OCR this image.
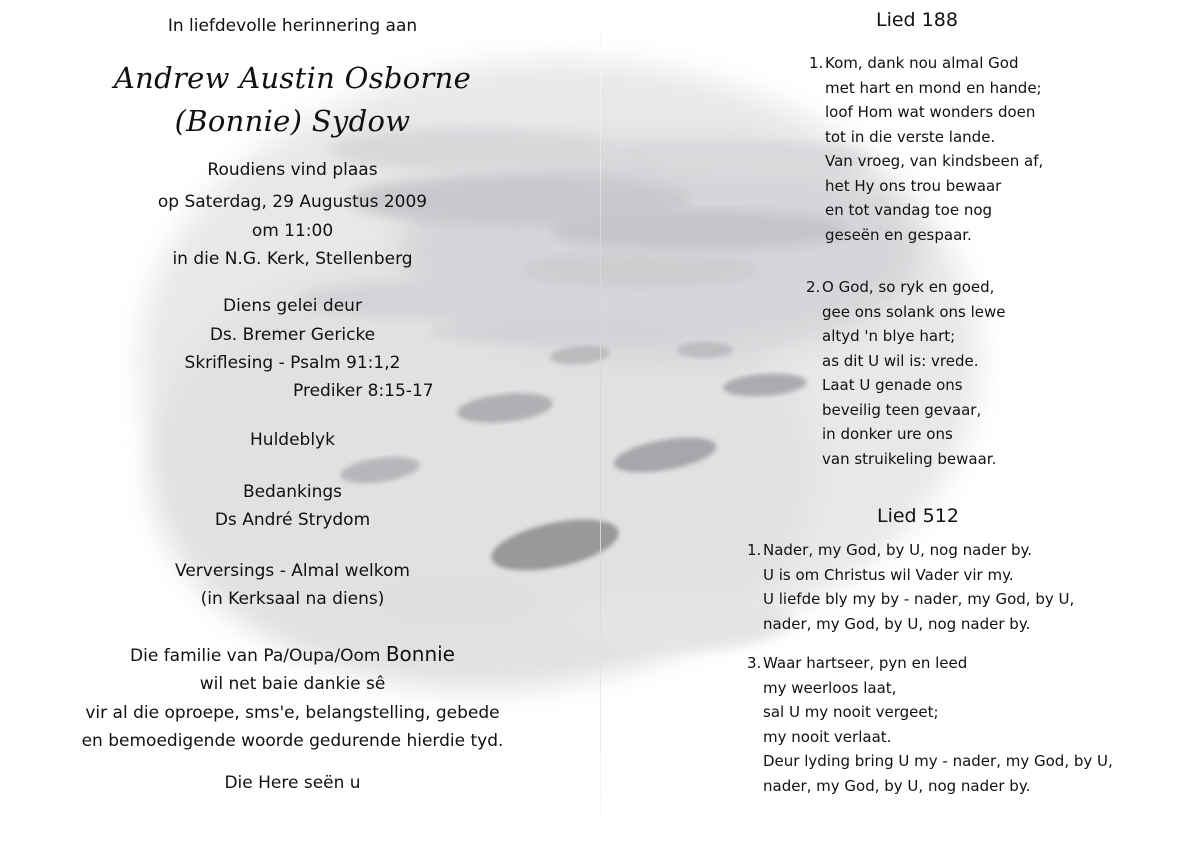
In liefdevolle herinnering aan
Andrew Austin Osborne
(Bonnie) Sydow
Roudiens vind plaas
op Saterdag, 29 Augustus 2009
om 11:00
in die N.G. Kerk, Stellenberg
Diens gelei deur
Ds. Bremer Gericke
Skriflesing - Psalm 91:1,2
Prediker 8:15-17
Huldeblyk
Bedankings
Ds André Strydom
Verversings - Almal welkom
(in Kerksaal na diens)
Die familie van Pa/Oupa/Oom Bonnie
wil net baie dankie sê
vir al die oproepe, sms'e, belangstelling, gebede
en bemoedigende woorde gedurende hierdie tyd.
Die Here seën u
Lied 188
1. Kom, dank nou almal God
met hart en mond en hande;
loof Hom wat wonders doen
tot in die verste lande.
Van vroeg, van kindsbeen af,
het Hy ons trou bewaar
en tot vandag toe nog
geseën en gespaar.
2. O God, so ryk en goed,
gee ons solank ons lewe
altyd 'n blye hart;
as dit U wil is: vrede.
Laat U genade ons
beveilig teen gevaar,
in donker ure ons
van struikeling bewaar.
Lied 512
1. Nader, my God, by U, nog nader by.
U is om Christus wil Vader vir my.
U liefde bly my by - nader, my God, by U,
nader, my God, by U, nog nader by.
3. Waar hartseer, pyn en leed
my weerloos laat,
sal U my nooit vergeet;
my nooit verlaat.
Deur lyding bring U my - nader, my God, by U,
nader, my God, by U, nog nader by.
